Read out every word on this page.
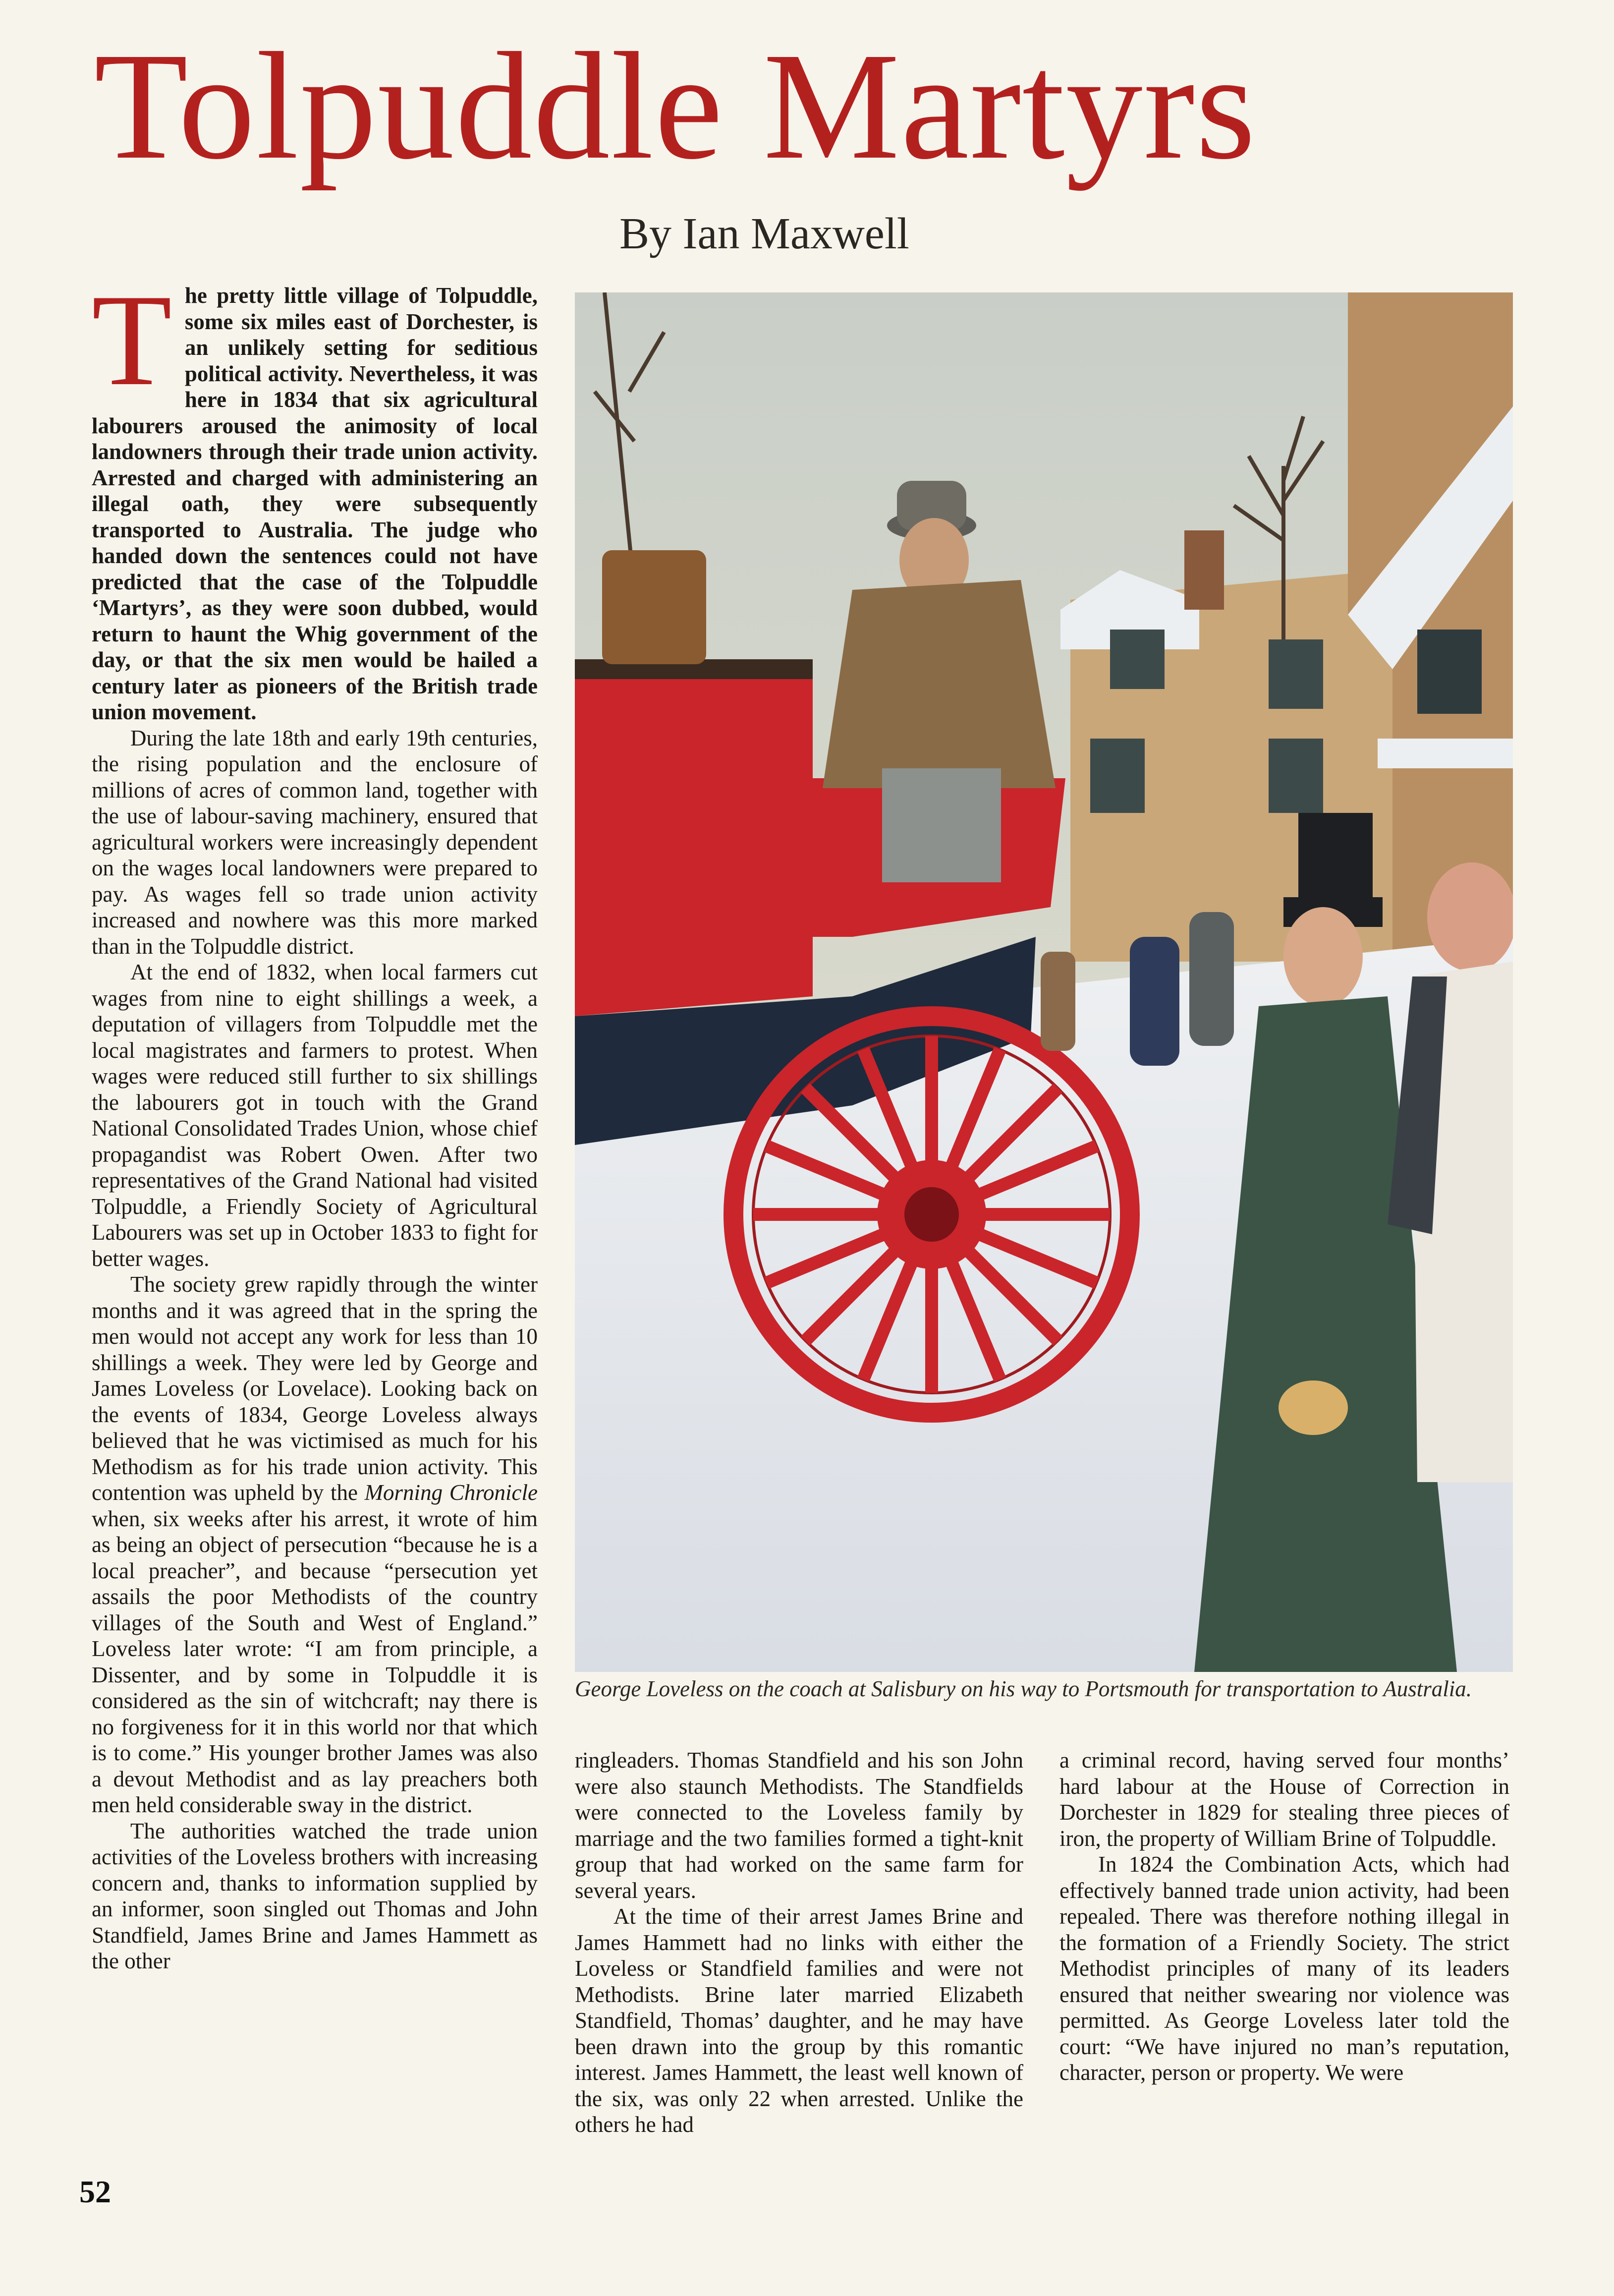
Tolpuddle Martyrs
By Ian Maxwell

The pretty little village of Tolpuddle, some six miles east of Dorchester, is an unlikely setting for seditious political activity. Nevertheless, it was here in 1834 that six agricultural labourers aroused the animosity of local landowners through their trade union activity. Arrested and charged with administering an illegal oath, they were subsequently transported to Australia. The judge who handed down the sentences could not have predicted that the case of the Tolpuddle ‘Martyrs’, as they were soon dubbed, would return to haunt the Whig government of the day, or that the six men would be hailed a century later as pioneers of the British trade union movement.

During the late 18th and early 19th centuries, the rising population and the enclosure of millions of acres of common land, together with the use of labour-saving machinery, ensured that agricultural workers were increasingly dependent on the wages local landowners were prepared to pay. As wages fell so trade union activity increased and nowhere was this more marked than in the Tolpuddle district.

At the end of 1832, when local farmers cut wages from nine to eight shillings a week, a deputation of villagers from Tolpuddle met the local magistrates and farmers to protest. When wages were reduced still further to six shillings the labourers got in touch with the Grand National Consolidated Trades Union, whose chief propagandist was Robert Owen. After two representatives of the Grand National had visited Tolpuddle, a Friendly Society of Agricultural Labourers was set up in October 1833 to fight for better wages.

The society grew rapidly through the winter months and it was agreed that in the spring the men would not accept any work for less than 10 shillings a week. They were led by George and James Loveless (or Lovelace). Looking back on the events of 1834, George Loveless always believed that he was victimised as much for his Methodism as for his trade union activity. This contention was upheld by the Morning Chronicle when, six weeks after his arrest, it wrote of him as being an object of persecution “because he is a local preacher”, and because “persecution yet assails the poor Methodists of the country villages of the South and West of England.” Loveless later wrote: “I am from principle, a Dissenter, and by some in Tolpuddle it is considered as the sin of witchcraft; nay there is no forgiveness for it in this world nor that which is to come.” His younger brother James was also a devout Methodist and as lay preachers both men held considerable sway in the district.

The authorities watched the trade union activities of the Loveless brothers with increasing concern and, thanks to information supplied by an informer, soon singled out Thomas and John Standfield, James Brine and James Hammett as the other

George Loveless on the coach at Salisbury on his way to Portsmouth for transportation to Australia.

ringleaders. Thomas Standfield and his son John were also staunch Methodists. The Standfields were connected to the Loveless family by marriage and the two families formed a tight-knit group that had worked on the same farm for several years.

At the time of their arrest James Brine and James Hammett had no links with either the Loveless or Standfield families and were not Methodists. Brine later married Elizabeth Standfield, Thomas’ daughter, and he may have been drawn into the group by this romantic interest. James Hammett, the least well known of the six, was only 22 when arrested. Unlike the others he had

a criminal record, having served four months’ hard labour at the House of Correction in Dorchester in 1829 for stealing three pieces of iron, the property of William Brine of Tolpuddle.

In 1824 the Combination Acts, which had effectively banned trade union activity, had been repealed. There was therefore nothing illegal in the formation of a Friendly Society. The strict Methodist principles of many of its leaders ensured that neither swearing nor violence was permitted. As George Loveless later told the court: “We have injured no man’s reputation, character, person or property. We were

52
